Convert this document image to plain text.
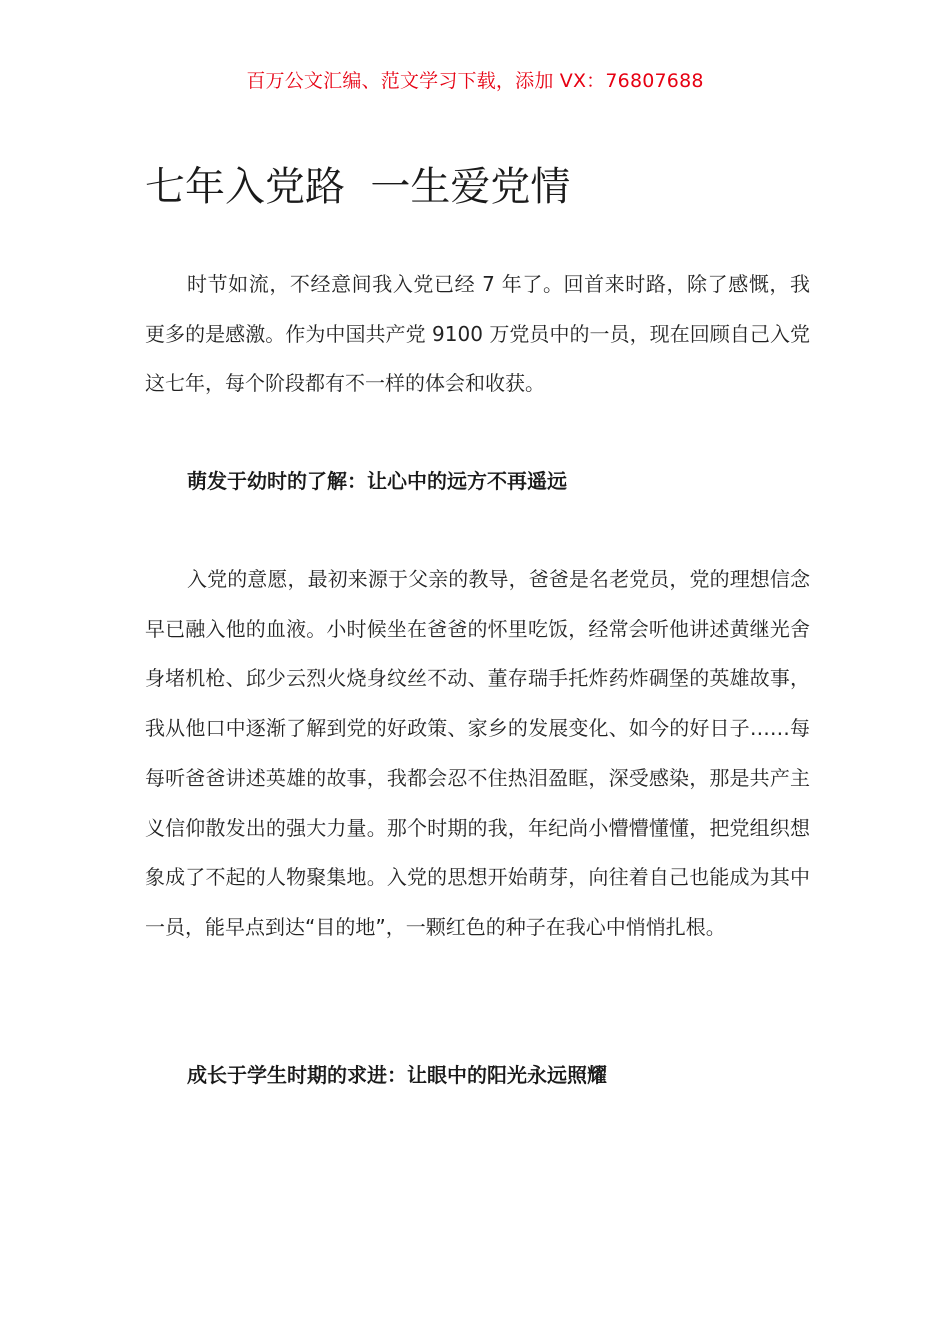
百万公文汇编、范文学习下载，添加 VX：76807688
七年入党路  一生爱党情

时节如流，不经意间我入党已经 7 年了。回首来时路，除了感慨，我更多的是感激。作为中国共产党 9100 万党员中的一员，现在回顾自己入党这七年，每个阶段都有不一样的体会和收获。

萌发于幼时的了解：让心中的远方不再遥远

入党的意愿，最初来源于父亲的教导，爸爸是名老党员，党的理想信念早已融入他的血液。小时候坐在爸爸的怀里吃饭，经常会听他讲述黄继光舍身堵机枪、邱少云烈火烧身纹丝不动、董存瑞手托炸药炸碉堡的英雄故事，我从他口中逐渐了解到党的好政策、家乡的发展变化、如今的好日子……每每听爸爸讲述英雄的故事，我都会忍不住热泪盈眶，深受感染，那是共产主义信仰散发出的强大力量。那个时期的我，年纪尚小懵懵懂懂，把党组织想象成了不起的人物聚集地。入党的思想开始萌芽，向往着自己也能成为其中一员，能早点到达“目的地”，一颗红色的种子在我心中悄悄扎根。

成长于学生时期的求进：让眼中的阳光永远照耀
